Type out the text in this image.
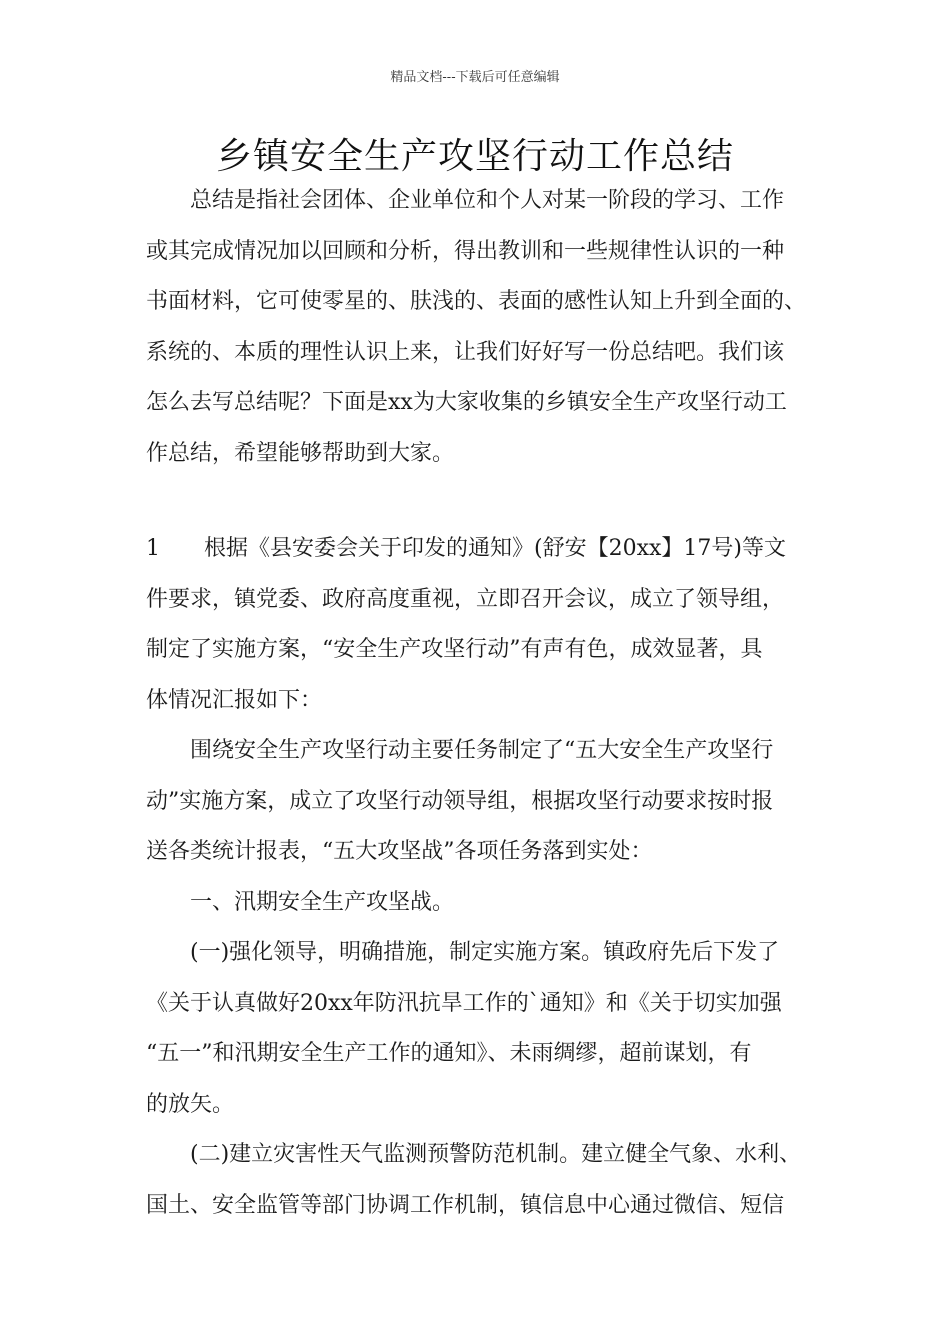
精品文档---下载后可任意编辑
乡镇安全生产攻坚行动工作总结

总结是指社会团体、企业单位和个人对某一阶段的学习、工作

或其完成情况加以回顾和分析，得出教训和一些规律性认识的一种

书面材料，它可使零星的、肤浅的、表面的感性认知上升到全面的、

系统的、本质的理性认识上来，让我们好好写一份总结吧。我们该

怎么去写总结呢？下面是xx为大家收集的乡镇安全生产攻坚行动工

作总结，希望能够帮助到大家。

1 根据《县安委会关于印发的通知》(舒安【20xx】17号)等文

件要求，镇党委、政府高度重视，立即召开会议，成立了领导组，

制定了实施方案，“安全生产攻坚行动”有声有色，成效显著，具

体情况汇报如下：

围绕安全生产攻坚行动主要任务制定了“五大安全生产攻坚行

动”实施方案，成立了攻坚行动领导组，根据攻坚行动要求按时报

送各类统计报表，“五大攻坚战”各项任务落到实处：

一、汛期安全生产攻坚战。

(一)强化领导，明确措施，制定实施方案。镇政府先后下发了

《关于认真做好20xx年防汛抗旱工作的`通知》和《关于切实加强

“五一”和汛期安全生产工作的通知》、未雨绸缪，超前谋划，有

的放矢。

(二)建立灾害性天气监测预警防范机制。建立健全气象、水利、

国土、安全监管等部门协调工作机制，镇信息中心通过微信、短信
